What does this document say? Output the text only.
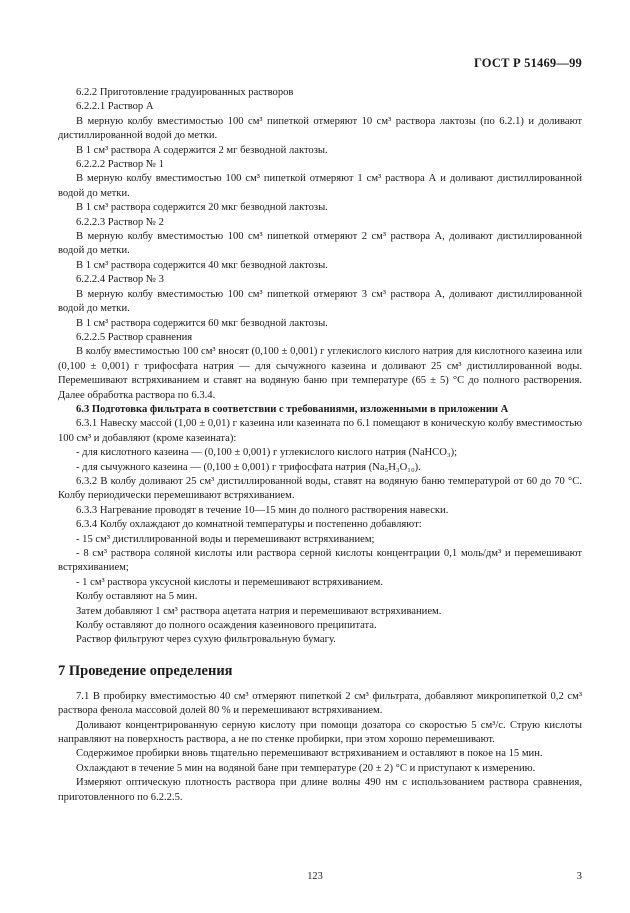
ГОСТ Р 51469—99

6.2.2 Приготовление градуированных растворов

6.2.2.1 Раствор А

В мерную колбу вместимостью 100 см³ пипеткой отмеряют 10 см³ раствора лактозы (по 6.2.1) и доливают дистиллированной водой до метки.

В 1 см³ раствора А содержится 2 мг безводной лактозы.

6.2.2.2 Раствор № 1

В мерную колбу вместимостью 100 см³ пипеткой отмеряют 1 см³ раствора А и доливают дистиллированной водой до метки.

В 1 см³ раствора содержится 20 мкг безводной лактозы.

6.2.2.3 Раствор № 2

В мерную колбу вместимостью 100 см³ пипеткой отмеряют 2 см³ раствора А, доливают дистиллированной водой до метки.

В 1 см³ раствора содержится 40 мкг безводной лактозы.

6.2.2.4 Раствор № 3

В мерную колбу вместимостью 100 см³ пипеткой отмеряют 3 см³ раствора А, доливают дистиллированной водой до метки.

В 1 см³ раствора содержится 60 мкг безводной лактозы.

6.2.2.5 Раствор сравнения

В колбу вместимостью 100 см³ вносят (0,100 ± 0,001) г углекислого кислого натрия для кислотного казеина или (0,100 ± 0,001) г трифосфата натрия — для сычужного казеина и доливают 25 см³ дистиллированной воды. Перемешивают встряхиванием и ставят на водяную баню при температуре (65 ± 5) °С до полного растворения. Далее обработка раствора по 6.3.4.

6.3 Подготовка фильтрата в соответствии с требованиями, изложенными в приложении А

6.3.1 Навеску массой (1,00 ± 0,01) г казеина или казеината по 6.1 помещают в коническую колбу вместимостью 100 см³ и добавляют (кроме казеината):

- для кислотного казеина — (0,100 ± 0,001) г углекислого кислого натрия (NaHCO₃);

- для сычужного казеина — (0,100 ± 0,001) г трифосфата натрия (Na₅H₃O₁₀).

6.3.2 В колбу доливают 25 см³ дистиллированной воды, ставят на водяную баню температурой от 60 до 70 °С. Колбу периодически перемешивают встряхиванием.

6.3.3 Нагревание проводят в течение 10—15 мин до полного растворения навески.

6.3.4 Колбу охлаждают до комнатной температуры и постепенно добавляют:

- 15 см³ дистиллированной воды и перемешивают встряхиванием;

- 8 см³ раствора соляной кислоты или раствора серной кислоты концентрации 0,1 моль/дм³ и перемешивают встряхиванием;

- 1 см³ раствора уксусной кислоты и перемешивают встряхиванием.

Колбу оставляют на 5 мин.

Затем добавляют 1 см³ раствора ацетата натрия и перемешивают встряхиванием.

Колбу оставляют до полного осаждения казеинового преципитата.

Раствор фильтруют через сухую фильтровальную бумагу.

7 Проведение определения

7.1 В пробирку вместимостью 40 см³ отмеряют пипеткой 2 см³ фильтрата, добавляют микропипеткой 0,2 см³ раствора фенола массовой долей 80 % и перемешивают встряхиванием.

Доливают концентрированную серную кислоту при помощи дозатора со скоростью 5 см³/с. Струю кислоты направляют на поверхность раствора, а не по стенке пробирки, при этом хорошо перемешивают.

Содержимое пробирки вновь тщательно перемешивают встряхиванием и оставляют в покое на 15 мин.

Охлаждают в течение 5 мин на водяной бане при температуре (20 ± 2) °С и приступают к измерению.

Измеряют оптическую плотность раствора при длине волны 490 нм с использованием раствора сравнения, приготовленного по 6.2.2.5.

123	3
